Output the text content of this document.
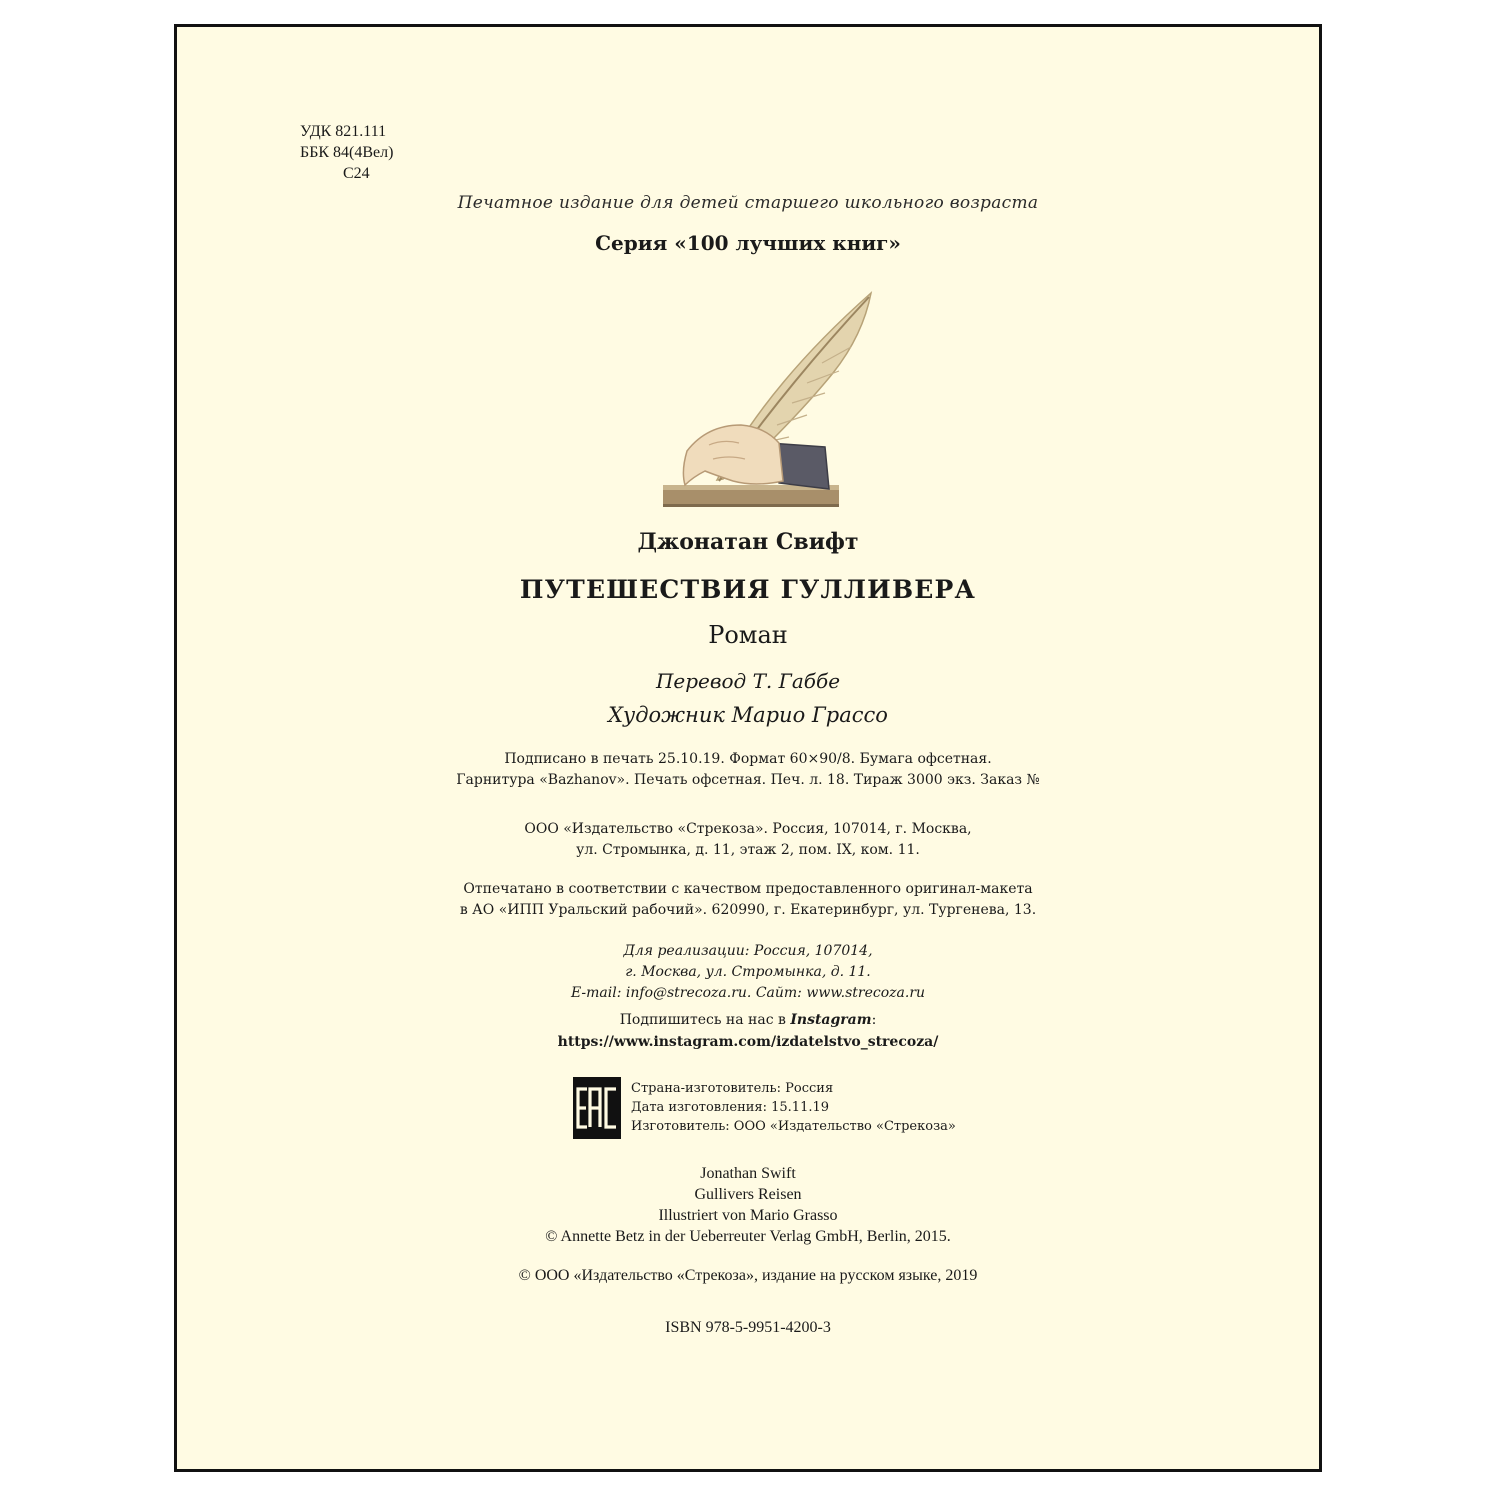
УДК 821.111
ББК 84(4Вел)
С24
Печатное издание для детей старшего школьного возраста
Серия «100 лучших книг»
Джонатан Свифт
ПУТЕШЕСТВИЯ ГУЛЛИВЕРА
Роман
Перевод Т. Габбе
Художник Марио Грассо
Подписано в печать 25.10.19. Формат 60×90/8. Бумага офсетная.
Гарнитура «Bazhanov». Печать офсетная. Печ. л. 18. Тираж 3000 экз. Заказ №
ООО «Издательство «Стрекоза». Россия, 107014, г. Москва,
ул. Стромынка, д. 11, этаж 2, пом. IX, ком. 11.
Отпечатано в соответствии с качеством предоставленного оригинал-макета
в АО «ИПП Уральский рабочий». 620990, г. Екатеринбург, ул. Тургенева, 13.
Для реализации: Россия, 107014,
г. Москва, ул. Стромынка, д. 11.
E-mail: info@strecoza.ru. Сайт: www.strecoza.ru
Подпишитесь на нас в Instagram:
https://www.instagram.com/izdatelstvo_strecoza/
Страна-изготовитель: Россия
Дата изготовления: 15.11.19
Изготовитель: ООО «Издательство «Стрекоза»
Jonathan Swift
Gullivers Reisen
Illustriert von Mario Grasso
© Annette Betz in der Ueberreuter Verlag GmbH, Berlin, 2015.
© ООО «Издательство «Стрекоза», издание на русском языке, 2019
ISBN 978-5-9951-4200-3
